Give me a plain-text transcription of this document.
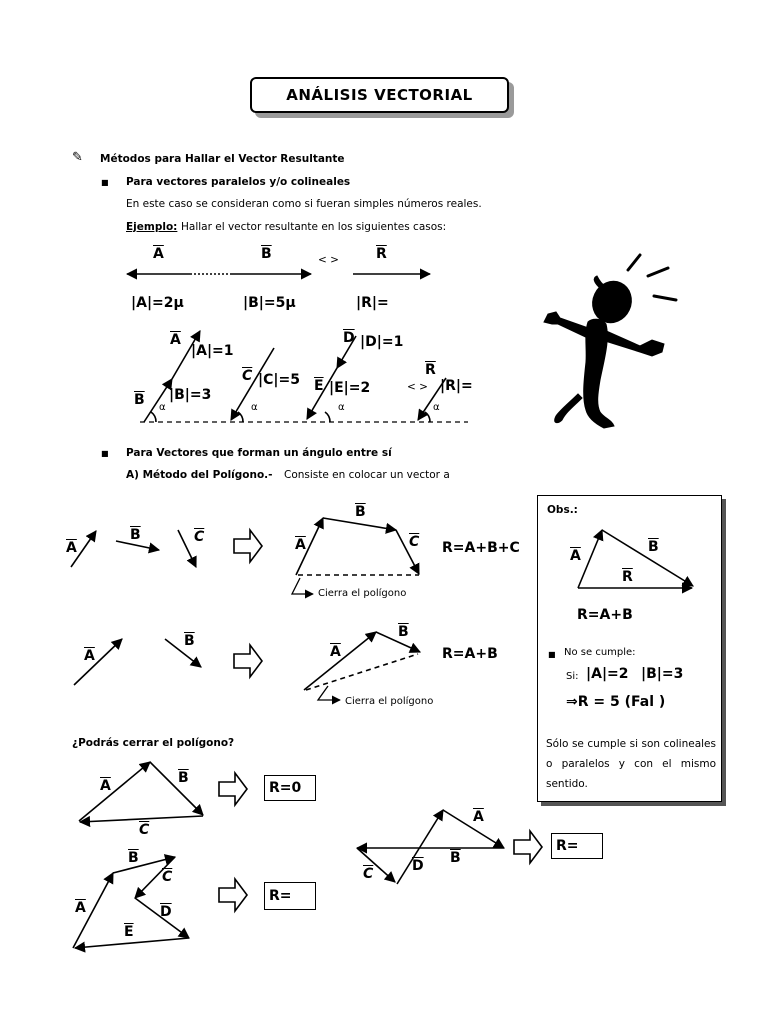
ANÁLISIS VECTORIAL
✎ Métodos para Hallar el Vector Resultante
■ Para vectores paralelos y/o colineales
En este caso se consideran como si fueran simples números reales.
Ejemplo: Hallar el vector resultante en los siguientes casos:
$\overline{A}$	$\overline{B}$	< >	$\overline{R}$
|A|=2μ	|B|=5μ	|R|=
$\overline{A}$
|A|=1
$\overline{B}$ |B|=3
$\overline{C}$ |C|=5
$\overline{D}$ |D|=1
$\overline{E}$ |E|=2
$\overline{R}$
< > |R|=
α	α	α	α
■ Para Vectores que forman un ángulo entre sí
A) Método del Polígono.- Consiste en colocar un vector a
$\overline{A}$
$\overline{B}$	$\overline{C}$	$\overline{A}$
$\overline{B}$
$\overline{C}$ R=A+B+C
Cierra el polígono
$\overline{A}$
$\overline{B}$
$\overline{A}$
$\overline{B}$
R=A+B
Cierra el polígono
Obs.:
$\overline{A}$
$\overline{B}$
$\overline{R}$
R=A+B
■ No se cumple:
Si: |A|=2 |B|=3
⇒R = 5 (Fal )
Sólo se cumple si son colineales o paralelos y con el mismo sentido.
¿Podrás cerrar el polígono?
$\overline{A}$	$\overline{B}$
$\overline{C}$
R=0
$\overline{A}$
$\overline{B}$
$\overline{C}$
$\overline{D}$
$\overline{E}$
R=
$\overline{A}$
$\overline{B}$
$\overline{C}$	$\overline{D}$
R=
